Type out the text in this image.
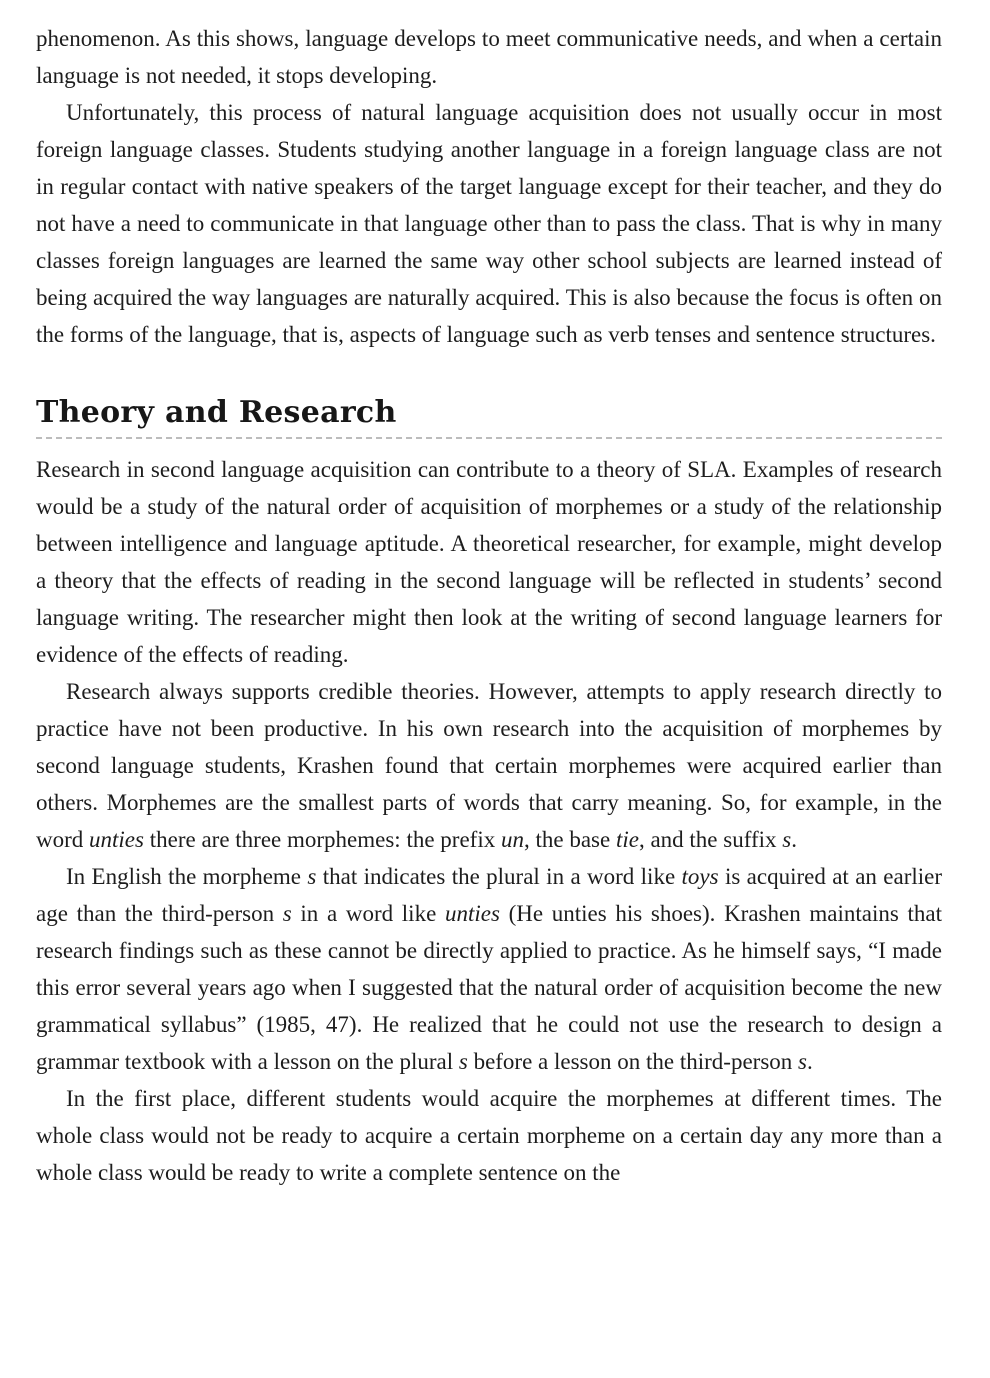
phenomenon. As this shows, language develops to meet communicative needs, and when a certain language is not needed, it stops developing.

Unfortunately, this process of natural language acquisition does not usually occur in most foreign language classes. Students studying another language in a foreign language class are not in regular contact with native speakers of the target language except for their teacher, and they do not have a need to communicate in that language other than to pass the class. That is why in many classes foreign languages are learned the same way other school subjects are learned instead of being acquired the way languages are naturally acquired. This is also because the focus is often on the forms of the language, that is, aspects of language such as verb tenses and sentence structures.

Theory and Research

Research in second language acquisition can contribute to a theory of SLA. Examples of research would be a study of the natural order of acquisition of morphemes or a study of the relationship between intelligence and language aptitude. A theoretical researcher, for example, might develop a theory that the effects of reading in the second language will be reflected in students’ second language writing. The researcher might then look at the writing of second language learners for evidence of the effects of reading.

Research always supports credible theories. However, attempts to apply research directly to practice have not been productive. In his own research into the acquisition of morphemes by second language students, Krashen found that certain morphemes were acquired earlier than others. Morphemes are the smallest parts of words that carry meaning. So, for example, in the word unties there are three morphemes: the prefix un, the base tie, and the suffix s.

In English the morpheme s that indicates the plural in a word like toys is acquired at an earlier age than the third-person s in a word like unties (He unties his shoes). Krashen maintains that research findings such as these cannot be directly applied to practice. As he himself says, “I made this error several years ago when I suggested that the natural order of acquisition become the new grammatical syllabus” (1985, 47). He realized that he could not use the research to design a grammar textbook with a lesson on the plural s before a lesson on the third-person s.

In the first place, different students would acquire the morphemes at different times. The whole class would not be ready to acquire a certain morpheme on a certain day any more than a whole class would be ready to write a complete sentence on the
